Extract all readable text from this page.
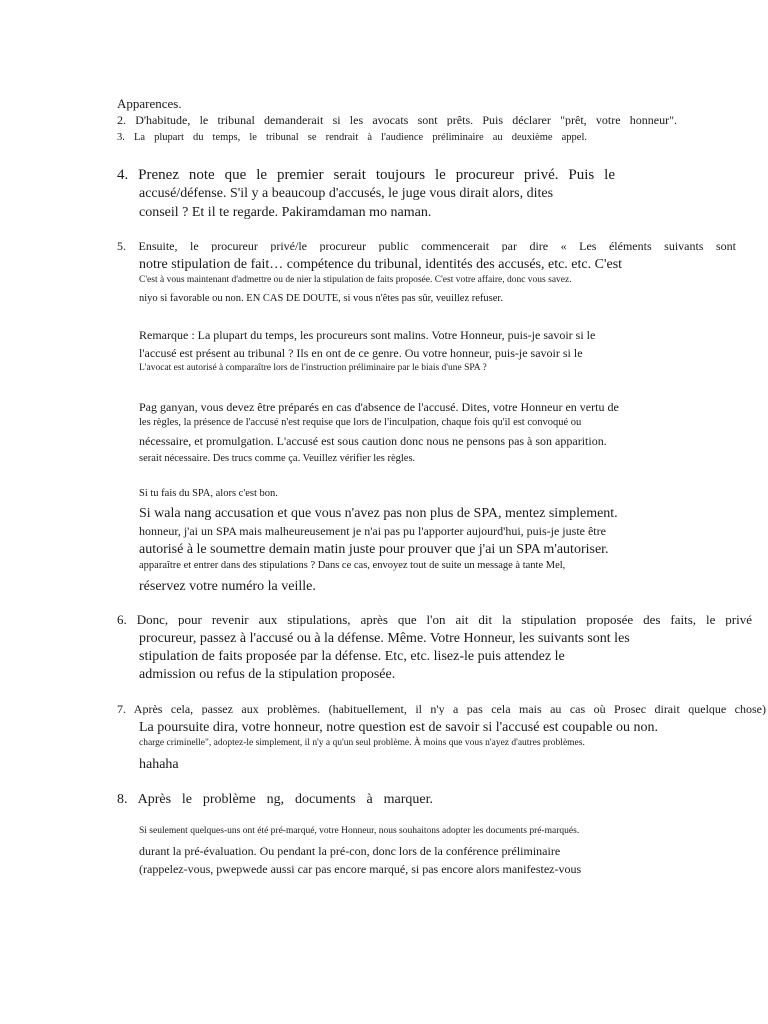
Apparences.
2. D'habitude, le tribunal demanderait si les avocats sont prêts. Puis déclarer "prêt, votre honneur".
3. La plupart du temps, le tribunal se rendrait à l'audience préliminaire au deuxième appel.
4. Prenez note que le premier serait toujours le procureur privé. Puis le
accusé/défense. S'il y a beaucoup d'accusés, le juge vous dirait alors, dites
conseil ? Et il te regarde. Pakiramdaman mo naman.
5. Ensuite, le procureur privé/le procureur public commencerait par dire « Les éléments suivants sont
notre stipulation de fait… compétence du tribunal, identités des accusés, etc. etc. C'est
C'est à vous maintenant d'admettre ou de nier la stipulation de faits proposée. C'est votre affaire, donc vous savez.
niyo si favorable ou non. EN CAS DE DOUTE, si vous n'êtes pas sûr, veuillez refuser.
Remarque : La plupart du temps, les procureurs sont malins. Votre Honneur, puis-je savoir si le
l'accusé est présent au tribunal ? Ils en ont de ce genre. Ou votre honneur, puis-je savoir si le
L'avocat est autorisé à comparaître lors de l'instruction préliminaire par le biais d'une SPA ?
Pag ganyan, vous devez être préparés en cas d'absence de l'accusé. Dites, votre Honneur en vertu de
les règles, la présence de l'accusé n'est requise que lors de l'inculpation, chaque fois qu'il est convoqué ou
nécessaire, et promulgation. L'accusé est sous caution donc nous ne pensons pas à son apparition.
serait nécessaire. Des trucs comme ça. Veuillez vérifier les règles.
Si tu fais du SPA, alors c'est bon.
Si wala nang accusation et que vous n'avez pas non plus de SPA, mentez simplement.
honneur, j'ai un SPA mais malheureusement je n'ai pas pu l'apporter aujourd'hui, puis-je juste être
autorisé à le soumettre demain matin juste pour prouver que j'ai un SPA m'autoriser.
apparaître et entrer dans des stipulations ? Dans ce cas, envoyez tout de suite un message à tante Mel,
réservez votre numéro la veille.
6. Donc, pour revenir aux stipulations, après que l'on ait dit la stipulation proposée des faits, le privé
procureur, passez à l'accusé ou à la défense. Même. Votre Honneur, les suivants sont les
stipulation de faits proposée par la défense. Etc, etc. lisez-le puis attendez le
admission ou refus de la stipulation proposée.
7. Après cela, passez aux problèmes. (habituellement, il n'y a pas cela mais au cas où Prosec dirait quelque chose)
La poursuite dira, votre honneur, notre question est de savoir si l'accusé est coupable ou non.
charge criminelle", adoptez-le simplement, il n'y a qu'un seul problème. À moins que vous n'ayez d'autres problèmes.
hahaha
8. Après le problème ng, documents à marquer.
Si seulement quelques-uns ont été pré-marqué, votre Honneur, nous souhaitons adopter les documents pré-marqués.
durant la pré-évaluation. Ou pendant la pré-con, donc lors de la conférence préliminaire
(rappelez-vous, pwepwede aussi car pas encore marqué, si pas encore alors manifestez-vous
